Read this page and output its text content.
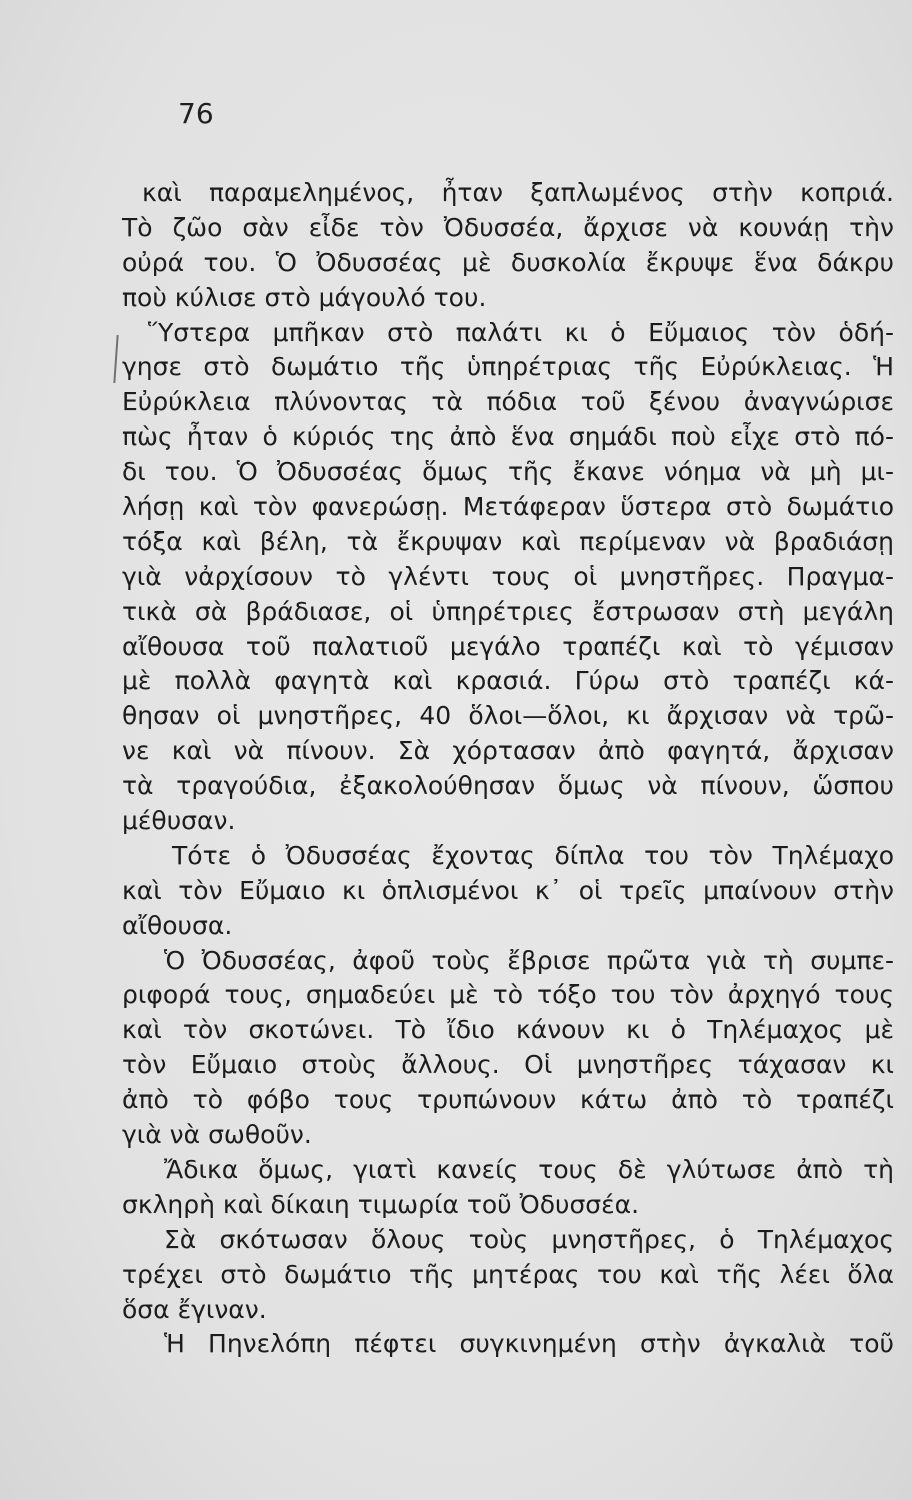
76
καὶ παραμελημένος, ἦταν ξαπλωμένος στὴν κοπριά.
Τὸ ζῶο σὰν εἶδε τὸν Ὀδυσσέα, ἄρχισε νὰ κουνάῃ τὴν
οὐρά του. Ὁ Ὀδυσσέας μὲ δυσκολία ἔκρυψε ἕνα δάκρυ
ποὺ κύλισε στὸ μάγουλό του.
Ὕστερα μπῆκαν στὸ παλάτι κι ὁ Εὔμαιος τὸν ὁδή-
γησε στὸ δωμάτιο τῆς ὑπηρέτριας τῆς Εὐρύκλειας. Ἡ
Εὐρύκλεια πλύνοντας τὰ πόδια τοῦ ξένου ἀναγνώρισε
πὼς ἦταν ὁ κύριός της ἀπὸ ἕνα σημάδι ποὺ εἶχε στὸ πό-
δι του. Ὁ Ὀδυσσέας ὅμως τῆς ἔκανε νόημα νὰ μὴ μι-
λήσῃ καὶ τὸν φανερώσῃ. Μετάφεραν ὕστερα στὸ δωμάτιο
τόξα καὶ βέλη, τὰ ἔκρυψαν καὶ περίμεναν νὰ βραδιάσῃ
γιὰ νἀρχίσουν τὸ γλέντι τους οἱ μνηστῆρες. Πραγμα-
τικὰ σὰ βράδιασε, οἱ ὑπηρέτριες ἔστρωσαν στὴ μεγάλη
αἴθουσα τοῦ παλατιοῦ μεγάλο τραπέζι καὶ τὸ γέμισαν
μὲ πολλὰ φαγητὰ καὶ κρασιά. Γύρω στὸ τραπέζι κά-
θησαν οἱ μνηστῆρες, 40 ὅλοι—ὅλοι, κι ἄρχισαν νὰ τρῶ-
νε καὶ νὰ πίνουν. Σὰ χόρτασαν ἀπὸ φαγητά, ἄρχισαν
τὰ τραγούδια, ἐξακολούθησαν ὅμως νὰ πίνουν, ὥσπου
μέθυσαν.
Τότε ὁ Ὀδυσσέας ἔχοντας δίπλα του τὸν Τηλέμαχο
καὶ τὸν Εὔμαιο κι ὁπλισμένοι κ᾽ οἱ τρεῖς μπαίνουν στὴν
αἴθουσα.
Ὁ Ὀδυσσέας, ἀφοῦ τοὺς ἔβρισε πρῶτα γιὰ τὴ συμπε-
ριφορά τους, σημαδεύει μὲ τὸ τόξο του τὸν ἀρχηγό τους
καὶ τὸν σκοτώνει. Τὸ ἴδιο κάνουν κι ὁ Τηλέμαχος μὲ
τὸν Εὔμαιο στοὺς ἄλλους. Οἱ μνηστῆρες τάχασαν κι
ἀπὸ τὸ φόβο τους τρυπώνουν κάτω ἀπὸ τὸ τραπέζι
γιὰ νὰ σωθοῦν.
Ἄδικα ὅμως, γιατὶ κανείς τους δὲ γλύτωσε ἀπὸ τὴ
σκληρὴ καὶ δίκαιη τιμωρία τοῦ Ὀδυσσέα.
Σὰ σκότωσαν ὅλους τοὺς μνηστῆρες, ὁ Τηλέμαχος
τρέχει στὸ δωμάτιο τῆς μητέρας του καὶ τῆς λέει ὅλα
ὅσα ἔγιναν.
Ἡ Πηνελόπη πέφτει συγκινημένη στὴν ἀγκαλιὰ τοῦ
